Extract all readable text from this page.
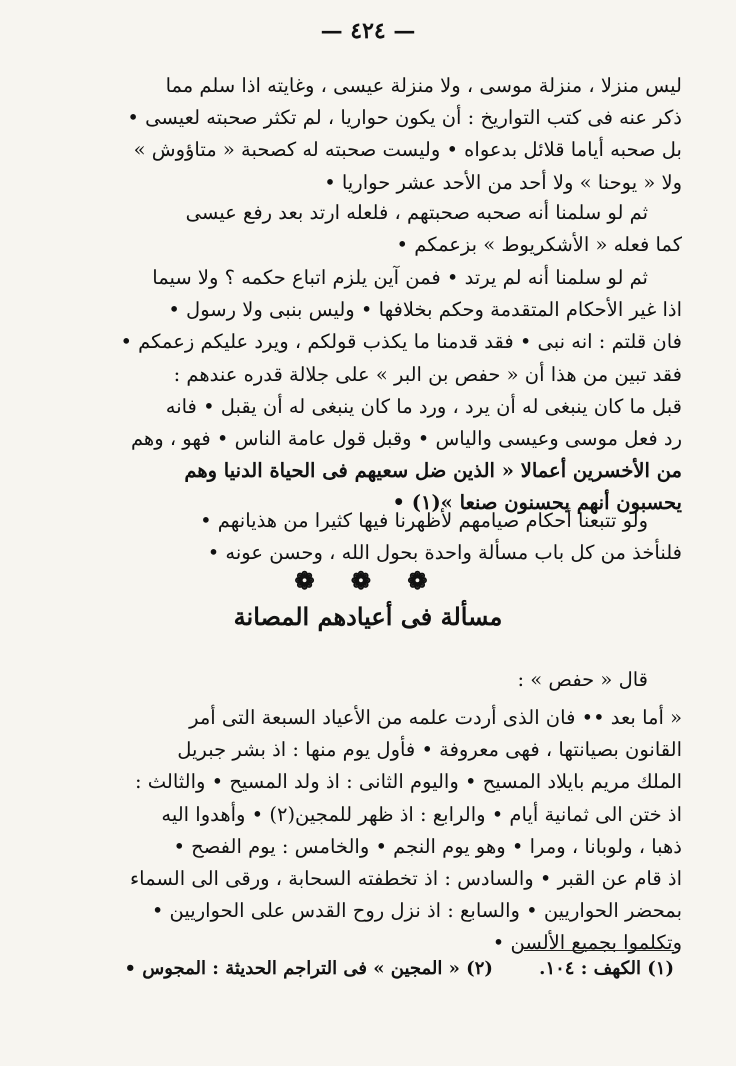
— ٤٢٤ —
ليس منزلا ، منزلة موسى ، ولا منزلة عيسى ، وغايته اذا سلم مما
ذكر عنه فى كتب التواريخ : أن يكون حواريا ، لم تكثر صحبته لعيسى •
بل صحبه أياما قلائل بدعواه • وليست صحبته له كصحبة « متاؤوش »
ولا « يوحنا » ولا أحد من الأحد عشر حواريا •
ثم لو سلمنا أنه صحبه صحبتهم ، فلعله ارتد بعد رفع عيسى
كما فعله « الأشكريوط » بزعمكم •
ثم لو سلمنا أنه لم يرتد • فمن آين يلزم اتباع حكمه ؟ ولا سيما
اذا غير الأحكام المتقدمة وحكم بخلافها • وليس بنبى ولا رسول •
فان قلتم : انه نبى • فقد قدمنا ما يكذب قولكم ، ويرد عليكم زعمكم •
فقد تبين من هذا أن « حفص بن البر » على جلالة قدره عندهم :
قبل ما كان ينبغى له أن يرد ، ورد ما كان ينبغى له أن يقبل • فانه
رد فعل موسى وعيسى والياس • وقبل قول عامة الناس • فهو ، وهم
من الأخسرين أعمالا « الذين ضل سعيهم فى الحياة الدنيا وهم
يحسبون أنهم يحسنون صنعا »(١) •
ولو تتبعنا أحكام صيامهم لأظهرنا فيها كثيرا من هذيانهم •
فلنأخذ من كل باب مسألة واحدة بحول الله ، وحسن عونه •
❁ ❁ ❁
مسألة فى أعيادهم المصانة
قال « حفص » :
« أما بعد •• فان الذى أردت علمه من الأعياد السبعة التى أمر
القانون بصيانتها ، فهى معروفة • فأول يوم منها : اذ بشر جبريل
الملك مريم بايلاد المسيح • واليوم الثانى : اذ ولد المسيح • والثالث :
اذ ختن الى ثمانية أيام • والرابع : اذ ظهر للمجين(٢) • وأهدوا اليه
ذهبا ، ولوبانا ، ومرا • وهو يوم النجم • والخامس : يوم الفصح •
اذ قام عن القبر • والسادس : اذ تخطفته السحابة ، ورقى الى السماء
بمحضر الحواريين • والسابع : اذ نزل روح القدس على الحواريين •
وتكلموا بجميع الألسن •
(١) الكهف : ١٠٤. (٢) « المجين » فى التراجم الحديثة : المجوس •
